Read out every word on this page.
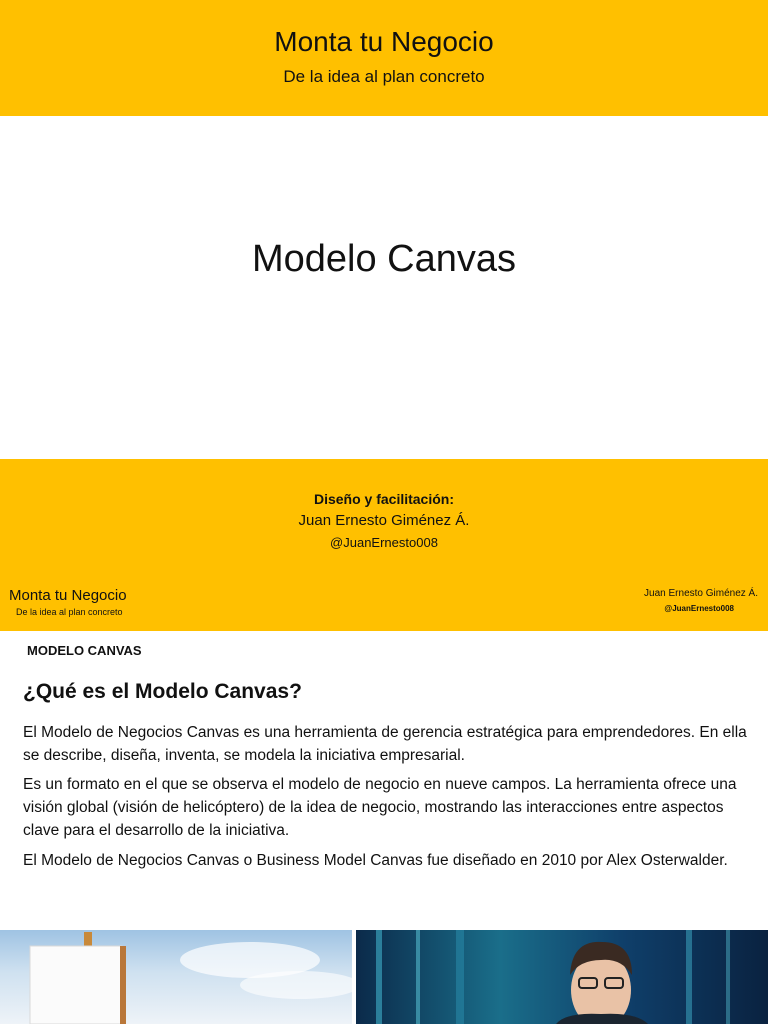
Monta tu Negocio
De la idea al plan concreto
Modelo Canvas
Diseño y facilitación:
Juan Ernesto Giménez Á.
@JuanErnesto008
Monta tu Negocio
De la idea al plan concreto
Juan Ernesto Giménez Á.
@JuanErnesto008
MODELO CANVAS
¿Qué es el Modelo Canvas?

El Modelo de Negocios Canvas es una herramienta de gerencia estratégica para emprendedores. En ella se describe, diseña, inventa, se modela la iniciativa empresarial.

Es un formato en el que se observa el modelo de negocio en nueve campos. La herramienta ofrece una visión global (visión de helicóptero) de la idea de negocio, mostrando las interacciones entre aspectos clave para el desarrollo de la iniciativa.

El Modelo de Negocios Canvas o Business Model Canvas fue diseñado en 2010 por Alex Osterwalder.
